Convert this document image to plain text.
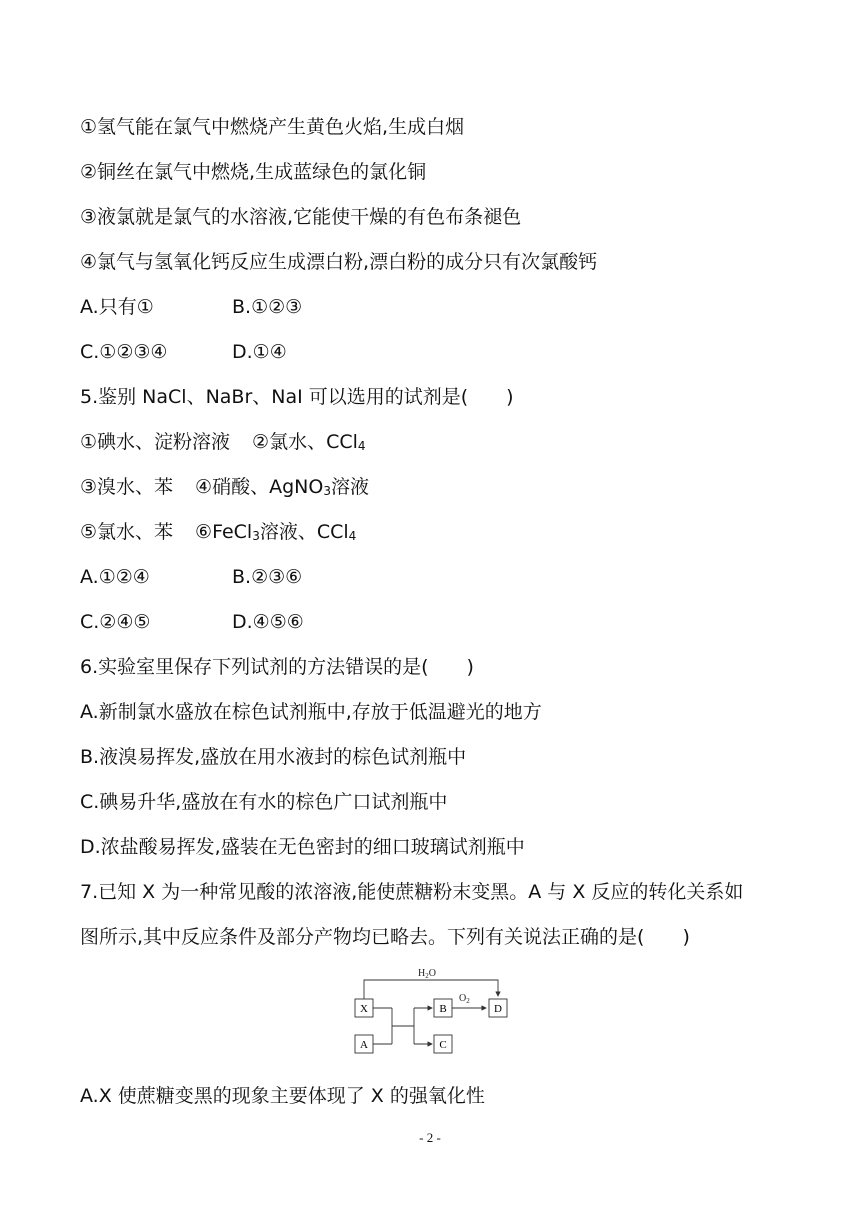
①氢气能在氯气中燃烧产生黄色火焰,生成白烟
②铜丝在氯气中燃烧,生成蓝绿色的氯化铜
③液氯就是氯气的水溶液,它能使干燥的有色布条褪色
④氯气与氢氧化钙反应生成漂白粉,漂白粉的成分只有次氯酸钙
A.只有①	B.①②③
C.①②③④	D.①④
5.鉴别 NaCl、NaBr、NaI 可以选用的试剂是(　　)
①碘水、淀粉溶液 ②氯水、CCl$_4$
③溴水、苯 ④硝酸、AgNO$_3$溶液
⑤氯水、苯 ⑥FeCl$_3$溶液、CCl$_4$
A.①②④	B.②③⑥
C.②④⑤	D.④⑤⑥
6.实验室里保存下列试剂的方法错误的是(　　)
A.新制氯水盛放在棕色试剂瓶中,存放于低温避光的地方
B.液溴易挥发,盛放在用水液封的棕色试剂瓶中
C.碘易升华,盛放在有水的棕色广口试剂瓶中
D.浓盐酸易挥发,盛装在无色密封的细口玻璃试剂瓶中
7.已知 X 为一种常见酸的浓溶液,能使蔗糖粉末变黑。A 与 X 反应的转化关系如
图所示,其中反应条件及部分产物均已略去。下列有关说法正确的是(　　)
$H_2O$
X
A
B
C
$O_2$
D
A.X 使蔗糖变黑的现象主要体现了 X 的强氧化性
- 2 -
